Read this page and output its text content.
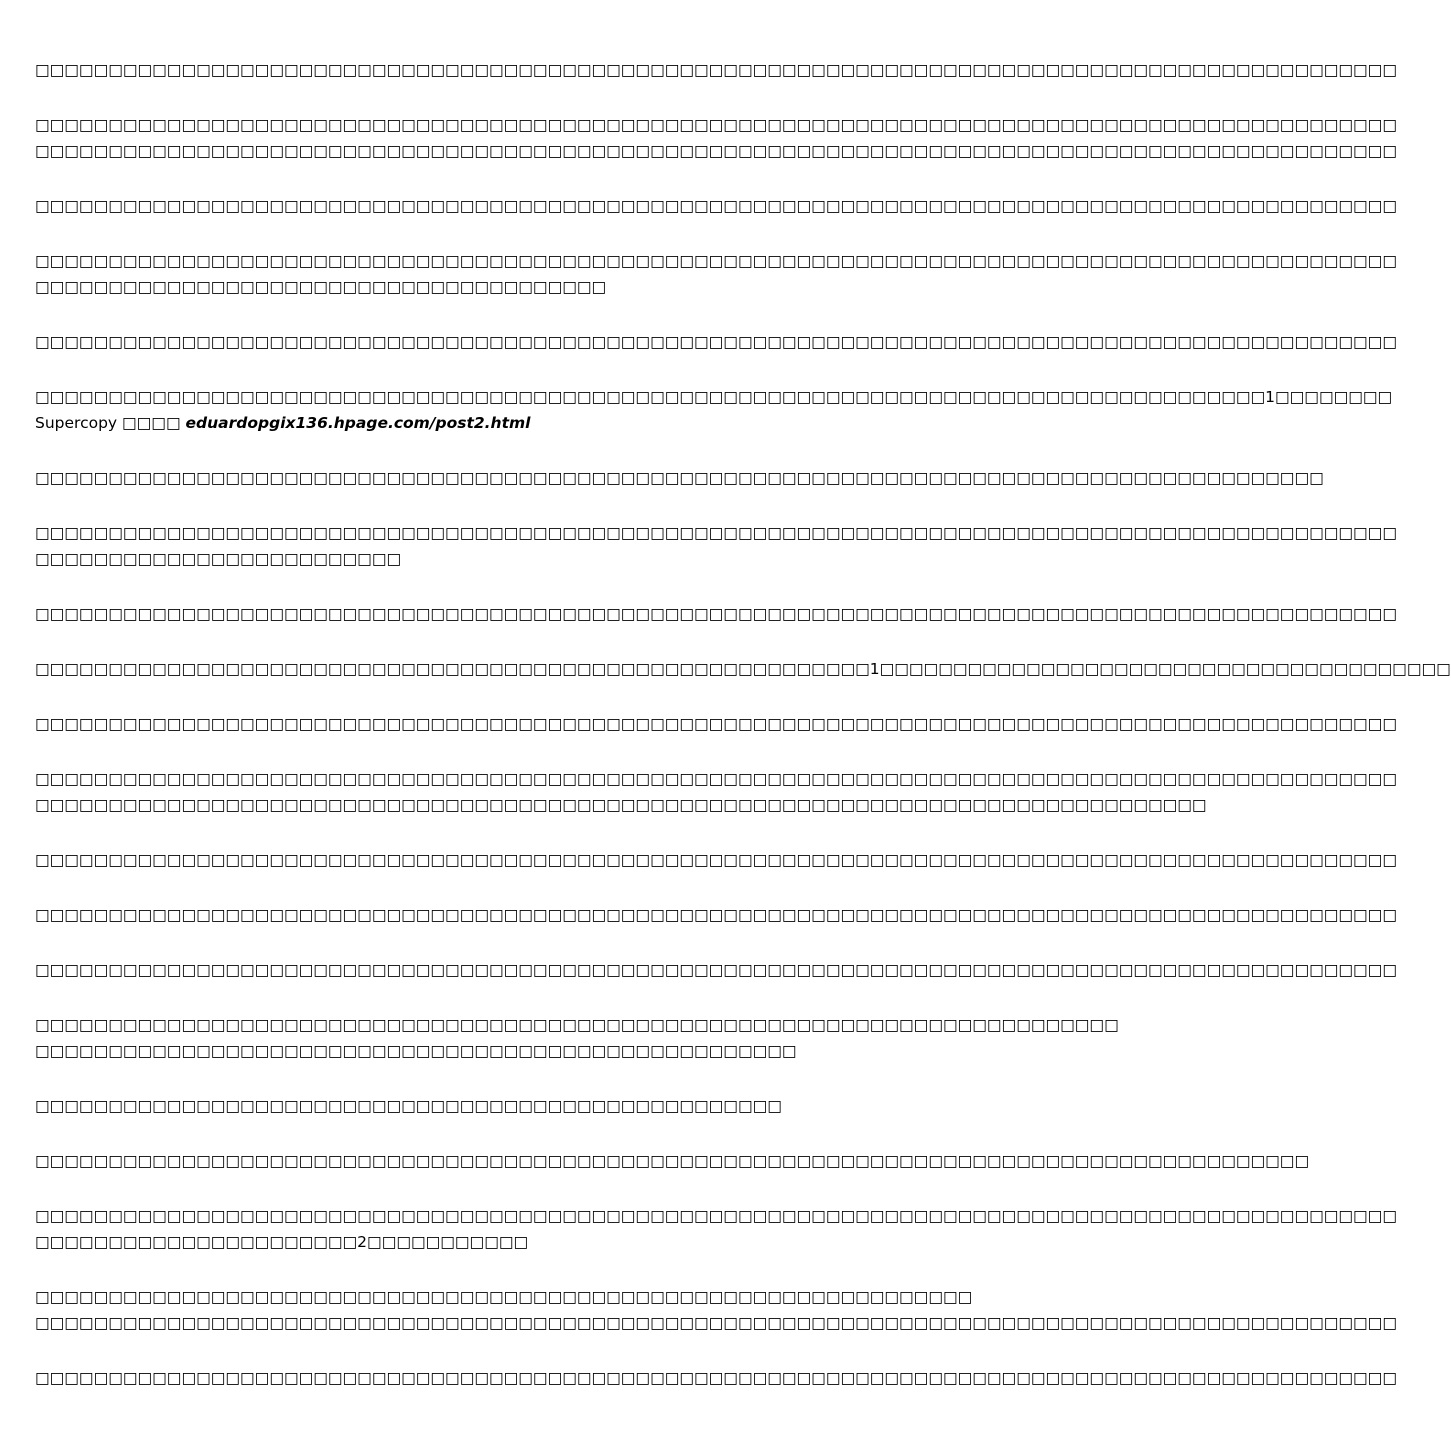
□□□□□□□□□□□□□□□□□□□□□□□□□□□□□□□□□□□□□□□□□□□□□□□□□□□□□□□□□□□□□□□□□□□□□□□□□□□□□□□□□□□□□□□□□□□□□
□□□□□□□□□□□□□□□□□□□□□□□□□□□□□□□□□□□□□□□□□□□□□□□□□□□□□□□□□□□□□□□□□□□□□□□□□□□□□□□□□□□□□□□□□□□□□
□□□□□□□□□□□□□□□□□□□□□□□□□□□□□□□□□□□□□□□□□□□□□□□□□□□□□□□□□□□□□□□□□□□□□□□□□□□□□□□□□□□□□□□□□□□□□
□□□□□□□□□□□□□□□□□□□□□□□□□□□□□□□□□□□□□□□□□□□□□□□□□□□□□□□□□□□□□□□□□□□□□□□□□□□□□□□□□□□□□□□□□□□□□
□□□□□□□□□□□□□□□□□□□□□□□□□□□□□□□□□□□□□□□□□□□□□□□□□□□□□□□□□□□□□□□□□□□□□□□□□□□□□□□□□□□□□□□□□□□□□
□□□□□□□□□□□□□□□□□□□□□□□□□□□□□□□□□□□□□□□
□□□□□□□□□□□□□□□□□□□□□□□□□□□□□□□□□□□□□□□□□□□□□□□□□□□□□□□□□□□□□□□□□□□□□□□□□□□□□□□□□□□□□□□□□□□□□
□□□□□□□□□□□□□□□□□□□□□□□□□□□□□□□□□□□□□□□□□□□□□□□□□□□□□□□□□□□□□□□□□□□□□□□□□□□□□□□□□□□□1□□□□□□□□
Supercopy □□□□ eduardopgix136.hpage.com/post2.html
□□□□□□□□□□□□□□□□□□□□□□□□□□□□□□□□□□□□□□□□□□□□□□□□□□□□□□□□□□□□□□□□□□□□□□□□□□□□□□□□□□□□□□□□
□□□□□□□□□□□□□□□□□□□□□□□□□□□□□□□□□□□□□□□□□□□□□□□□□□□□□□□□□□□□□□□□□□□□□□□□□□□□□□□□□□□□□□□□□□□□□
□□□□□□□□□□□□□□□□□□□□□□□□□
□□□□□□□□□□□□□□□□□□□□□□□□□□□□□□□□□□□□□□□□□□□□□□□□□□□□□□□□□□□□□□□□□□□□□□□□□□□□□□□□□□□□□□□□□□□□□
□□□□□□□□□□□□□□□□□□□□□□□□□□□□□□□□□□□□□□□□□□□□□□□□□□□□□□□□□1□□□□□□□□□□□□□□□□□□□□□□□□□□□□□□□□□□□□□□□
□□□□□□□□□□□□□□□□□□□□□□□□□□□□□□□□□□□□□□□□□□□□□□□□□□□□□□□□□□□□□□□□□□□□□□□□□□□□□□□□□□□□□□□□□□□□□
□□□□□□□□□□□□□□□□□□□□□□□□□□□□□□□□□□□□□□□□□□□□□□□□□□□□□□□□□□□□□□□□□□□□□□□□□□□□□□□□□□□□□□□□□□□□□
□□□□□□□□□□□□□□□□□□□□□□□□□□□□□□□□□□□□□□□□□□□□□□□□□□□□□□□□□□□□□□□□□□□□□□□□□□□□□□□□
□□□□□□□□□□□□□□□□□□□□□□□□□□□□□□□□□□□□□□□□□□□□□□□□□□□□□□□□□□□□□□□□□□□□□□□□□□□□□□□□□□□□□□□□□□□□□
□□□□□□□□□□□□□□□□□□□□□□□□□□□□□□□□□□□□□□□□□□□□□□□□□□□□□□□□□□□□□□□□□□□□□□□□□□□□□□□□□□□□□□□□□□□□□
□□□□□□□□□□□□□□□□□□□□□□□□□□□□□□□□□□□□□□□□□□□□□□□□□□□□□□□□□□□□□□□□□□□□□□□□□□□□□□□□□□□□□□□□□□□□□
□□□□□□□□□□□□□□□□□□□□□□□□□□□□□□□□□□□□□□□□□□□□□□□□□□□□□□□□□□□□□□□□□□□□□□□□□□
□□□□□□□□□□□□□□□□□□□□□□□□□□□□□□□□□□□□□□□□□□□□□□□□□□□□
□□□□□□□□□□□□□□□□□□□□□□□□□□□□□□□□□□□□□□□□□□□□□□□□□□□
□□□□□□□□□□□□□□□□□□□□□□□□□□□□□□□□□□□□□□□□□□□□□□□□□□□□□□□□□□□□□□□□□□□□□□□□□□□□□□□□□□□□□□□
□□□□□□□□□□□□□□□□□□□□□□□□□□□□□□□□□□□□□□□□□□□□□□□□□□□□□□□□□□□□□□□□□□□□□□□□□□□□□□□□□□□□□□□□□□□□□
□□□□□□□□□□□□□□□□□□□□□□2□□□□□□□□□□□
□□□□□□□□□□□□□□□□□□□□□□□□□□□□□□□□□□□□□□□□□□□□□□□□□□□□□□□□□□□□□□□□
□□□□□□□□□□□□□□□□□□□□□□□□□□□□□□□□□□□□□□□□□□□□□□□□□□□□□□□□□□□□□□□□□□□□□□□□□□□□□□□□□□□□□□□□□□□□□
□□□□□□□□□□□□□□□□□□□□□□□□□□□□□□□□□□□□□□□□□□□□□□□□□□□□□□□□□□□□□□□□□□□□□□□□□□□□□□□□□□□□□□□□□□□□□
